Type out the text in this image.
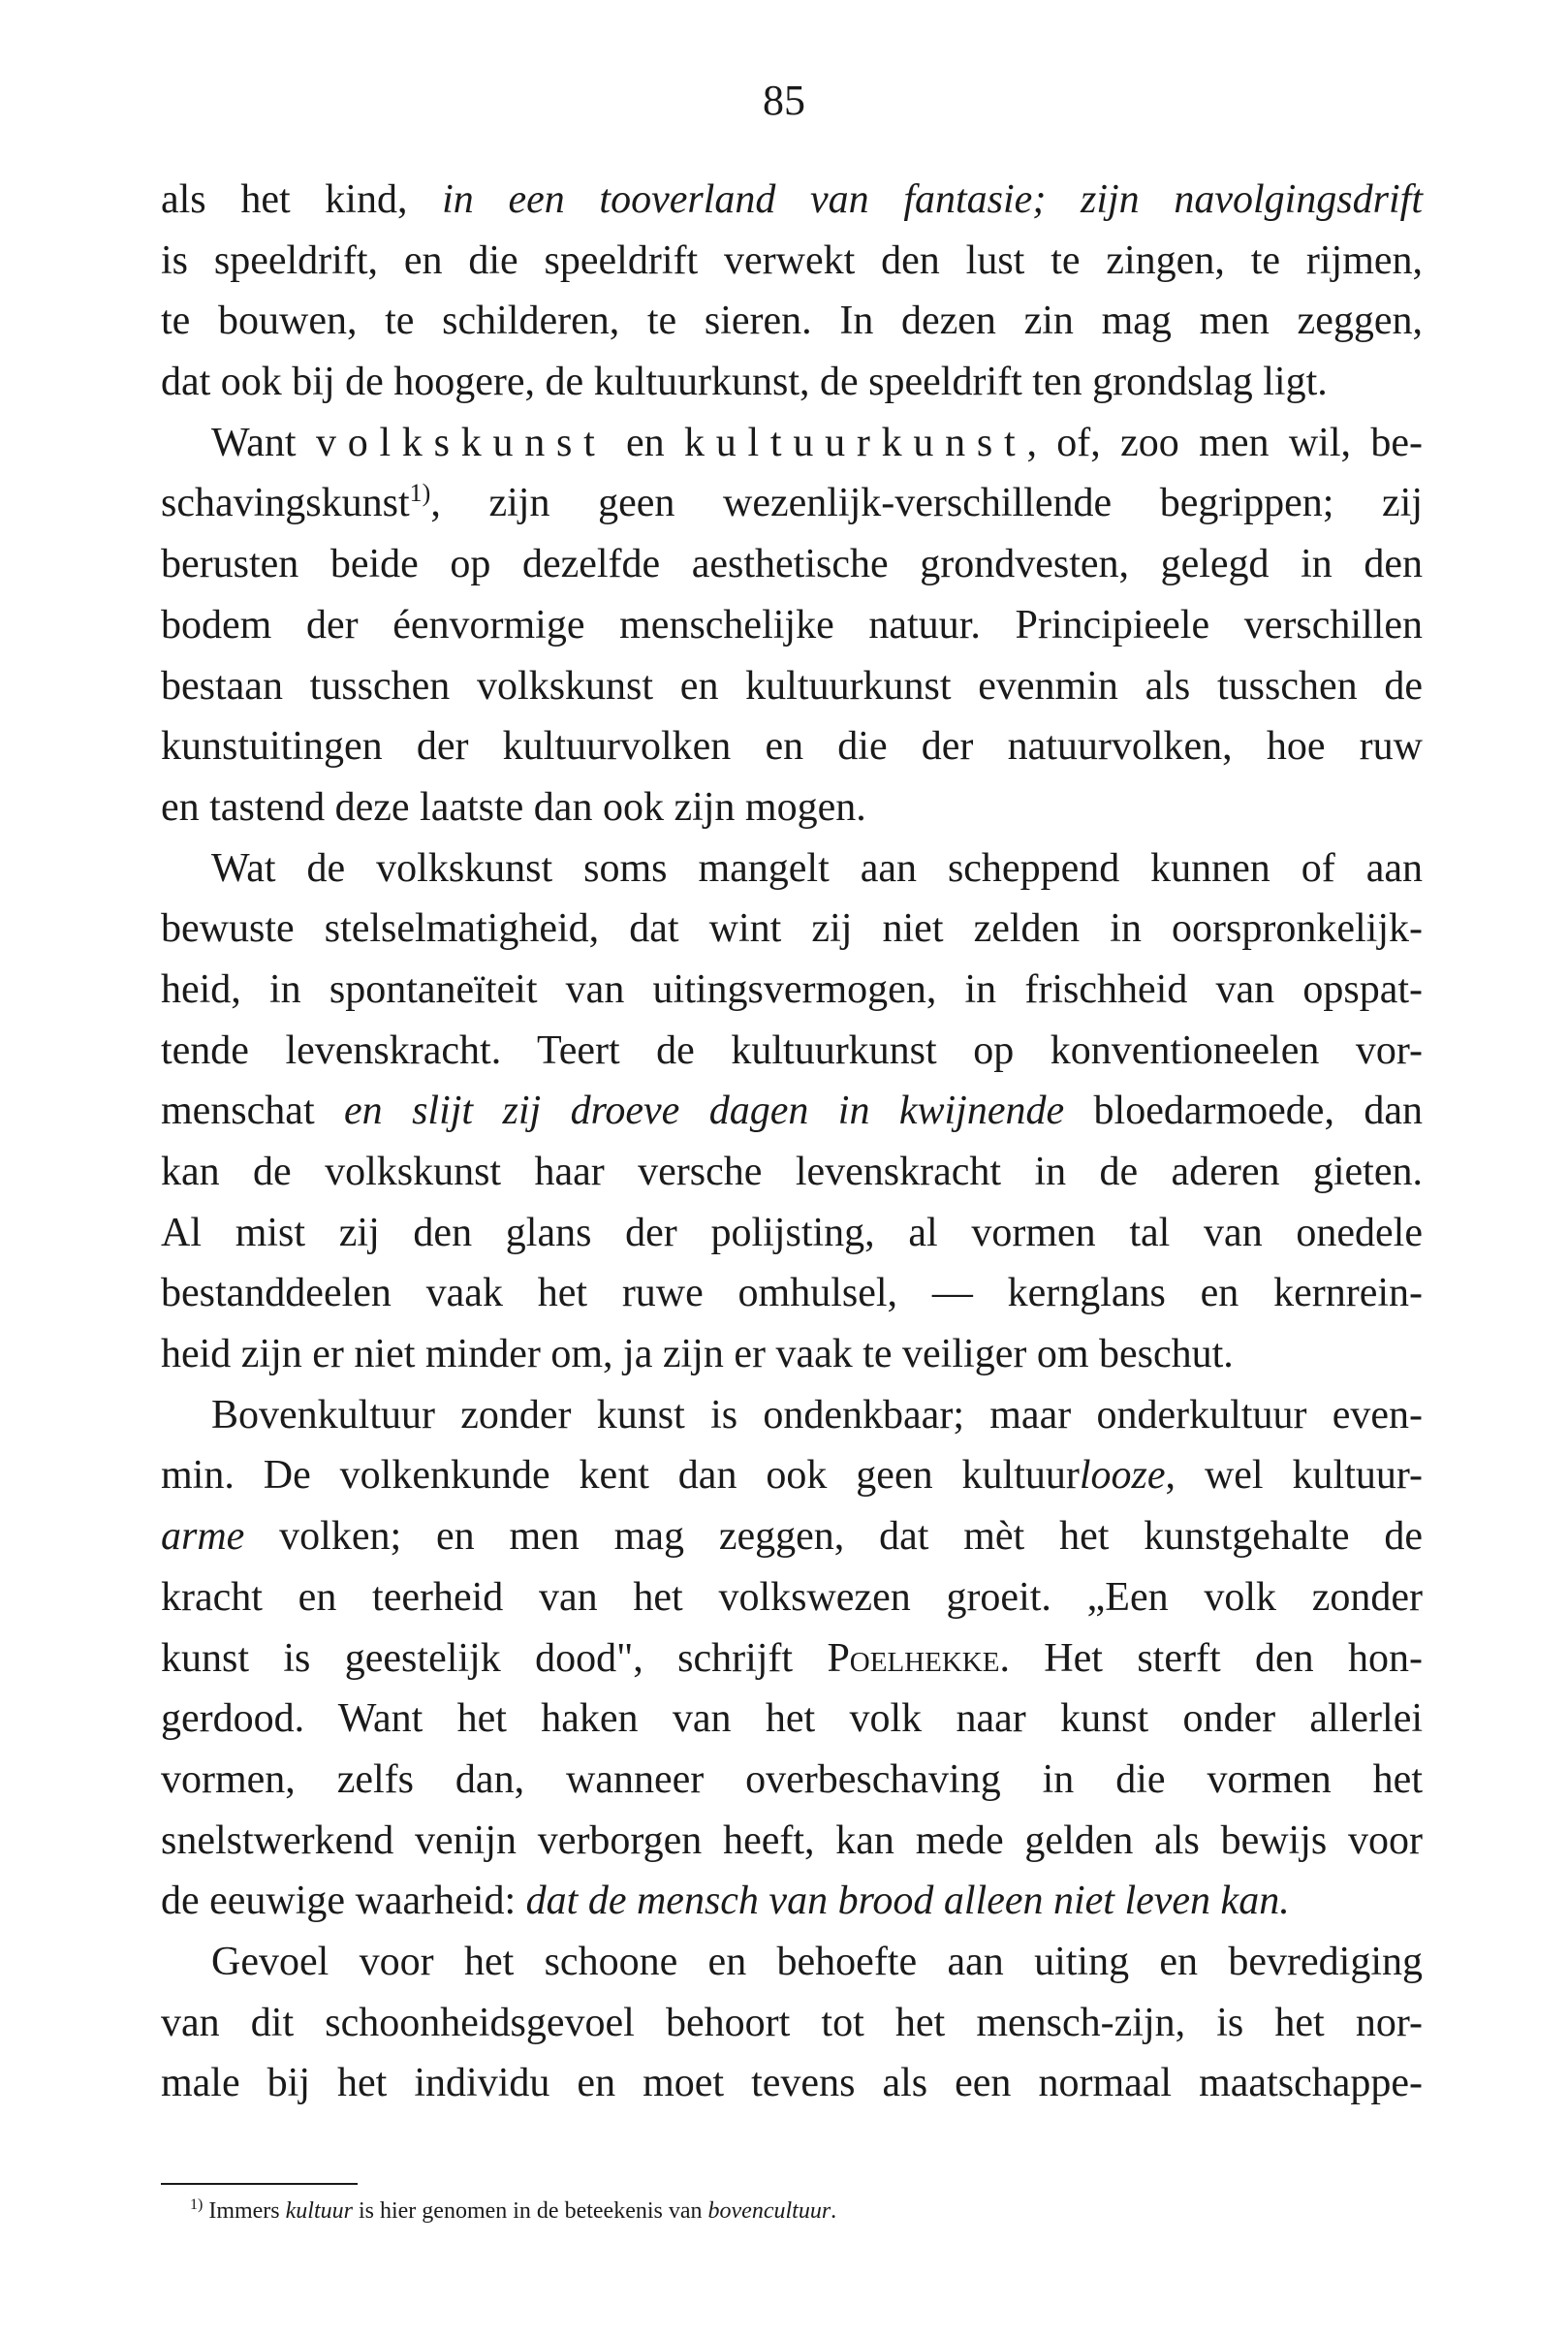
85
als het kind, in een tooverland van fantasie; zijn navolgingsdrift
is speeldrift, en die speeldrift verwekt den lust te zingen, te rijmen,
te bouwen, te schilderen, te sieren. In dezen zin mag men zeggen,
dat ook bij de hoogere, de kultuurkunst, de speeldrift ten grondslag ligt.
Want volkskunst en kultuurkunst, of, zoo men wil, be-
schavingskunst$^{1)}$, zijn geen wezenlijk-verschillende begrippen; zij
berusten beide op dezelfde aesthetische grondvesten, gelegd in den
bodem der éenvormige menschelijke natuur. Principieele verschillen
bestaan tusschen volkskunst en kultuurkunst evenmin als tusschen de
kunstuitingen der kultuurvolken en die der natuurvolken, hoe ruw
en tastend deze laatste dan ook zijn mogen.
Wat de volkskunst soms mangelt aan scheppend kunnen of aan
bewuste stelselmatigheid, dat wint zij niet zelden in oorspronkelijk-
heid, in spontaneïteit van uitingsvermogen, in frischheid van opspat-
tende levenskracht. Teert de kultuurkunst op konventioneelen vor-
menschat en slijt zij droeve dagen in kwijnende bloedarmoede, dan
kan de volkskunst haar versche levenskracht in de aderen gieten.
Al mist zij den glans der polijsting, al vormen tal van onedele
bestanddeelen vaak het ruwe omhulsel, — kernglans en kernrein-
heid zijn er niet minder om, ja zijn er vaak te veiliger om beschut.
Bovenkultuur zonder kunst is ondenkbaar; maar onderkultuur even-
min. De volkenkunde kent dan ook geen kultuurlooze, wel kultuur-
arme volken; en men mag zeggen, dat mèt het kunstgehalte de
kracht en teerheid van het volkswezen groeit. „Een volk zonder
kunst is geestelijk dood", schrijft Poelhekke. Het sterft den hon-
gerdood. Want het haken van het volk naar kunst onder allerlei
vormen, zelfs dan, wanneer overbeschaving in die vormen het
snelstwerkend venijn verborgen heeft, kan mede gelden als bewijs voor
de eeuwige waarheid: dat de mensch van brood alleen niet leven kan.
Gevoel voor het schoone en behoefte aan uiting en bevrediging
van dit schoonheidsgevoel behoort tot het mensch-zijn, is het nor-
male bij het individu en moet tevens als een normaal maatschappe-
$^{1)}$ Immers kultuur is hier genomen in de beteekenis van bovencultuur.
